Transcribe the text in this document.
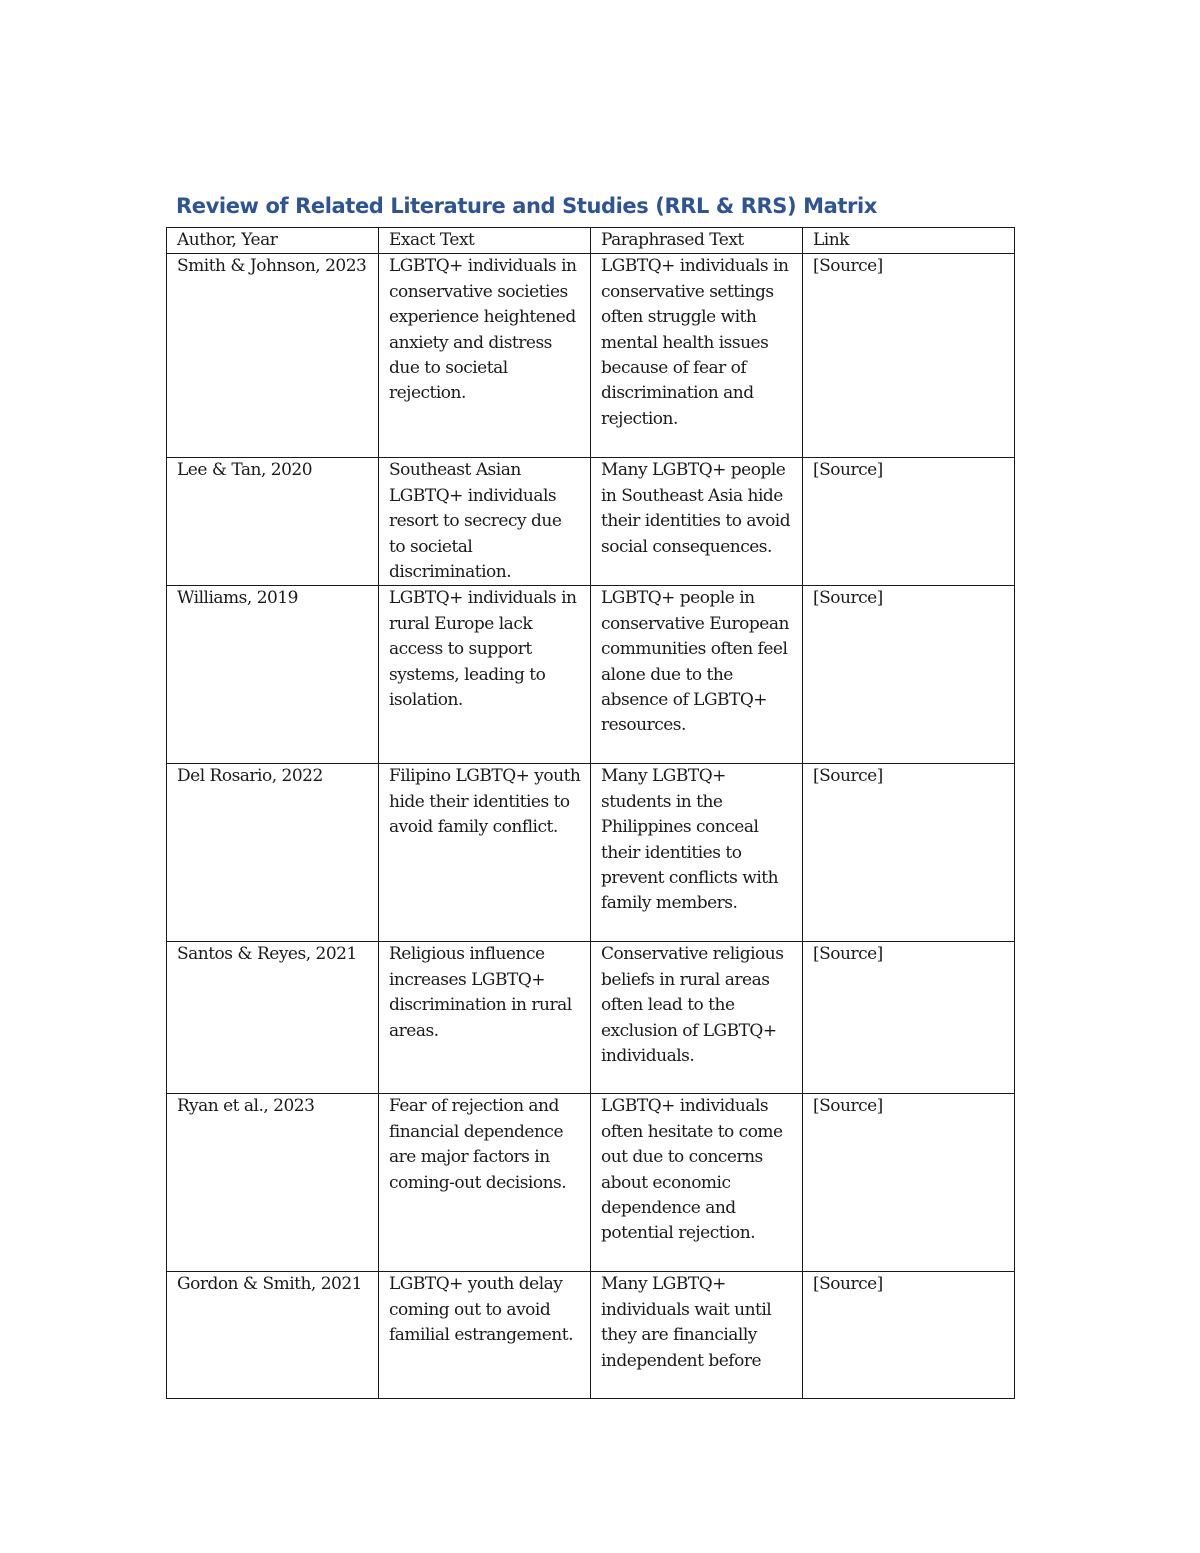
Review of Related Literature and Studies (RRL & RRS) Matrix
Author, Year	Exact Text	Paraphrased Text	Link
Smith & Johnson, 2023	LGBTQ+ individuals in conservative societies experience heightened anxiety and distress due to societal rejection.	LGBTQ+ individuals in conservative settings often struggle with mental health issues because of fear of discrimination and rejection.	[Source]
Lee & Tan, 2020	Southeast Asian LGBTQ+ individuals resort to secrecy due to societal discrimination.	Many LGBTQ+ people in Southeast Asia hide their identities to avoid social consequences.	[Source]
Williams, 2019	LGBTQ+ individuals in rural Europe lack access to support systems, leading to isolation.	LGBTQ+ people in conservative European communities often feel alone due to the absence of LGBTQ+ resources.	[Source]
Del Rosario, 2022	Filipino LGBTQ+ youth hide their identities to avoid family conflict.	Many LGBTQ+ students in the Philippines conceal their identities to prevent conflicts with family members.	[Source]
Santos & Reyes, 2021	Religious influence increases LGBTQ+ discrimination in rural areas.	Conservative religious beliefs in rural areas often lead to the exclusion of LGBTQ+ individuals.	[Source]
Ryan et al., 2023	Fear of rejection and financial dependence are major factors in coming-out decisions.	LGBTQ+ individuals often hesitate to come out due to concerns about economic dependence and potential rejection.	[Source]
Gordon & Smith, 2021	LGBTQ+ youth delay coming out to avoid familial estrangement.	Many LGBTQ+ individuals wait until they are financially independent before	[Source]
